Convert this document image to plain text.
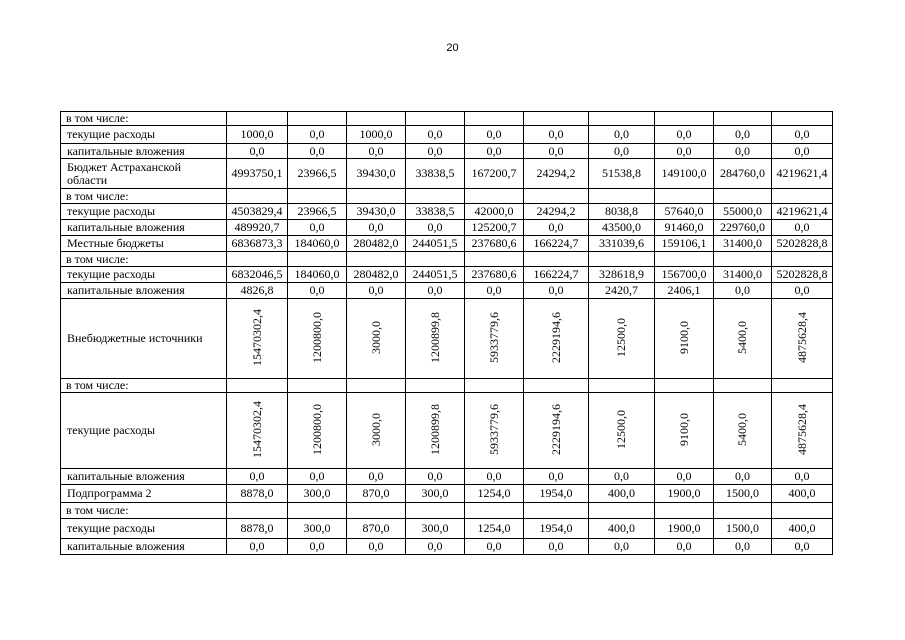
20
в том числе:										
текущие расходы	1000,0	0,0	1000,0	0,0	0,0	0,0	0,0	0,0	0,0	0,0
капитальные вложения	0,0	0,0	0,0	0,0	0,0	0,0	0,0	0,0	0,0	0,0
Бюджет Астраханской области	4993750,1	23966,5	39430,0	33838,5	167200,7	24294,2	51538,8	149100,0	284760,0	4219621,4
в том числе:										
текущие расходы	4503829,4	23966,5	39430,0	33838,5	42000,0	24294,2	8038,8	57640,0	55000,0	4219621,4
капитальные вложения	489920,7	0,0	0,0	0,0	125200,7	0,0	43500,0	91460,0	229760,0	0,0
Местные бюджеты	6836873,3	184060,0	280482,0	244051,5	237680,6	166224,7	331039,6	159106,1	31400,0	5202828,8
в том числе:										
текущие расходы	6832046,5	184060,0	280482,0	244051,5	237680,6	166224,7	328618,9	156700,0	31400,0	5202828,8
капитальные вложения	4826,8	0,0	0,0	0,0	0,0	0,0	2420,7	2406,1	0,0	0,0
Внебюджетные источники	15470302,4	1200800,0	3000,0	1200899,8	5933779,6	2229194,6	12500,0	9100,0	5400,0	4875628,4
в том числе:										
текущие расходы	15470302,4	1200800,0	3000,0	1200899,8	5933779,6	2229194,6	12500,0	9100,0	5400,0	4875628,4
капитальные вложения	0,0	0,0	0,0	0,0	0,0	0,0	0,0	0,0	0,0	0,0
Подпрограмма 2	8878,0	300,0	870,0	300,0	1254,0	1954,0	400,0	1900,0	1500,0	400,0
в том числе:										
текущие расходы	8878,0	300,0	870,0	300,0	1254,0	1954,0	400,0	1900,0	1500,0	400,0
капитальные вложения	0,0	0,0	0,0	0,0	0,0	0,0	0,0	0,0	0,0	0,0
